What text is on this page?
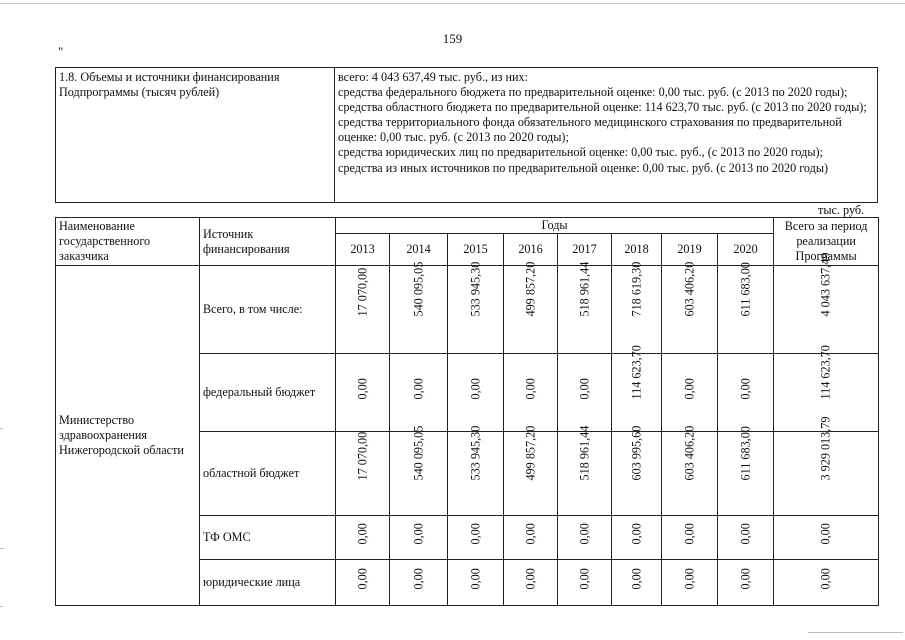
159
"
1.8. Объемы и источники финансирования Подпрограммы (тысяч рублей)
всего: 4 043 637,49 тыс. руб., из них:
средства федерального бюджета по предварительной оценке: 0,00 тыс. руб. (с 2013 по 2020 годы);
средства областного бюджета по предварительной оценке: 114 623,70 тыс. руб. (с 2013 по 2020 годы);
средства территориального фонда обязательного медицинского страхования по предварительной оценке: 0,00 тыс. руб. (с 2013 по 2020 годы);
средства юридических лиц по предварительной оценке: 0,00 тыс. руб., (с 2013 по 2020 годы);
средства из иных источников по предварительной оценке: 0,00 тыс. руб. (с 2013 по 2020 годы)
тыс. руб.
Наименование государственного заказчика	Источник финансирования	Годы								Всего за период реализации Программы
		2013	2014	2015	2016	2017	2018	2019	2020	
Министерство здравоохранения Нижегородской области	Всего, в том числе:	17 070,00	540 095,05	533 945,30	499 857,20	518 961,44	718 619,30	603 406,20	611 683,00	4 043 637,49

	федеральный бюджет	0,00	0,00	0,00	0,00	0,00	114 623,70	0,00	0,00	114 623,70

	областной бюджет	17 070,00	540 095,05	533 945,30	499 857,20	518 961,44	603 995,60	603 406,20	611 683,00	3 929 013,79

	ТФ ОМС	0,00	0,00	0,00	0,00	0,00	0,00	0,00	0,00	0,00

	юридические лица	0,00	0,00	0,00	0,00	0,00	0,00	0,00	0,00	0,00
